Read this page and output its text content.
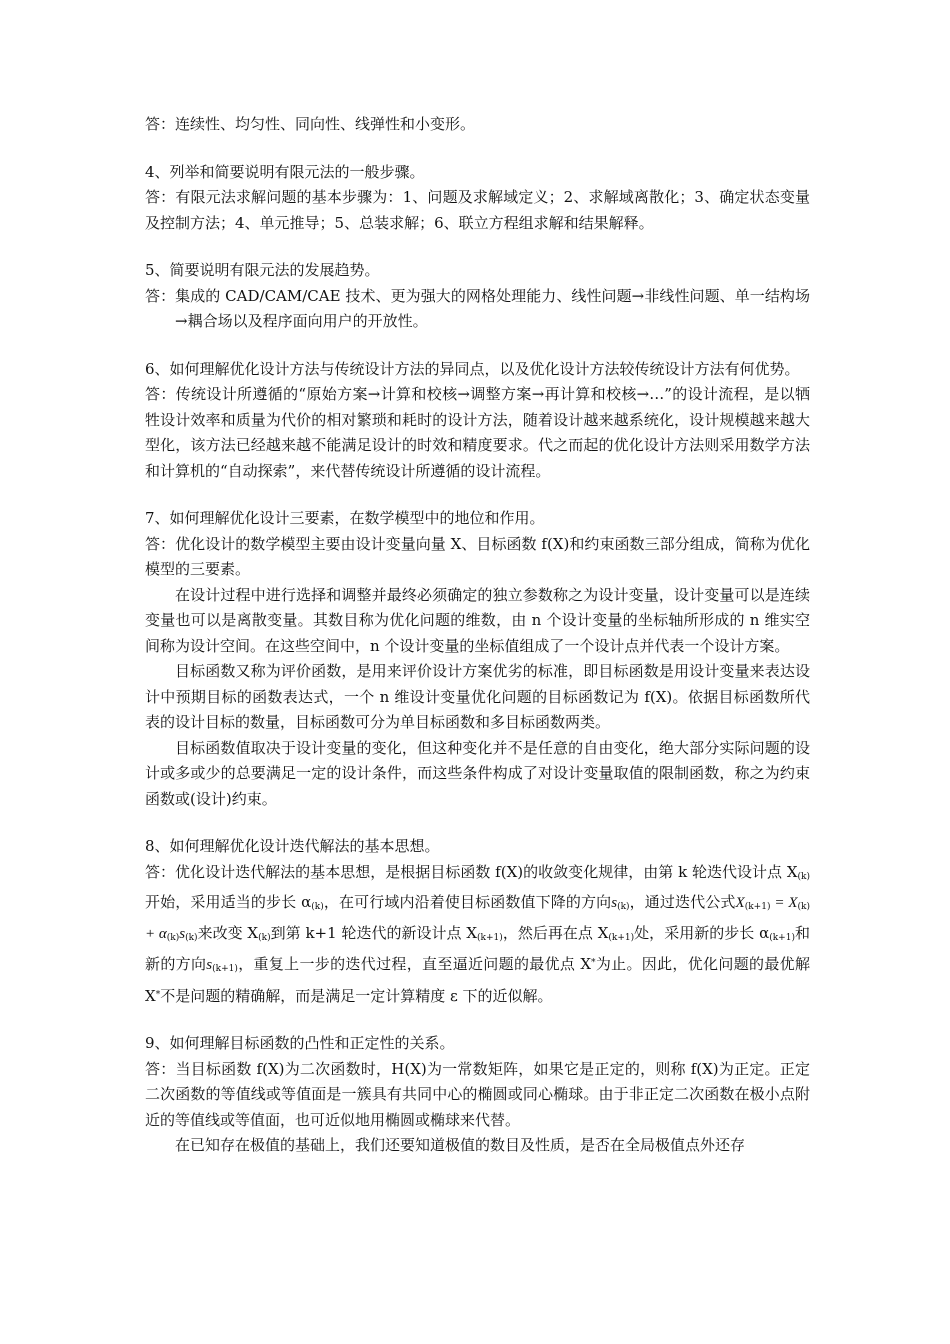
答：连续性、均匀性、同向性、线弹性和小变形。

4、列举和简要说明有限元法的一般步骤。

答：有限元法求解问题的基本步骤为：1、问题及求解域定义；2、求解域离散化；3、确定状态变量及控制方法；4、单元推导；5、总装求解；6、联立方程组求解和结果解释。

5、简要说明有限元法的发展趋势。

答：集成的 CAD/CAM/CAE 技术、更为强大的网格处理能力、线性问题→非线性问题、单一结构场→耦合场以及程序面向用户的开放性。

6、如何理解优化设计方法与传统设计方法的异同点，以及优化设计方法较传统设计方法有何优势。

答：传统设计所遵循的“原始方案→计算和校核→调整方案→再计算和校核→…”的设计流程，是以牺牲设计效率和质量为代价的相对繁琐和耗时的设计方法，随着设计越来越系统化，设计规模越来越大型化，该方法已经越来越不能满足设计的时效和精度要求。代之而起的优化设计方法则采用数学方法和计算机的“自动探索”，来代替传统设计所遵循的设计流程。

7、如何理解优化设计三要素，在数学模型中的地位和作用。

答：优化设计的数学模型主要由设计变量向量 X、目标函数 f(X)和约束函数三部分组成，简称为优化模型的三要素。

在设计过程中进行选择和调整并最终必须确定的独立参数称之为设计变量，设计变量可以是连续变量也可以是离散变量。其数目称为优化问题的维数，由 n 个设计变量的坐标轴所形成的 n 维实空间称为设计空间。在这些空间中，n 个设计变量的坐标值组成了一个设计点并代表一个设计方案。

目标函数又称为评价函数，是用来评价设计方案优劣的标准，即目标函数是用设计变量来表达设计中预期目标的函数表达式，一个 n 维设计变量优化问题的目标函数记为 f(X)。依据目标函数所代表的设计目标的数量，目标函数可分为单目标函数和多目标函数两类。

目标函数值取决于设计变量的变化，但这种变化并不是任意的自由变化，绝大部分实际问题的设计或多或少的总要满足一定的设计条件，而这些条件构成了对设计变量取值的限制函数，称之为约束函数或(设计)约束。

8、如何理解优化设计迭代解法的基本思想。

答：优化设计迭代解法的基本思想，是根据目标函数 f(X)的收敛变化规律，由第 k 轮迭代设计点 $X_{(k)}$开始，采用适当的步长 $\alpha_{(k)}$，在可行域内沿着使目标函数值下降的方向$s_{(k)}$，通过迭代公式$X_{(k+1)} = X_{(k)} + \alpha_{(k)}s_{(k)}$来改变 $X_{(k)}$到第 k+1 轮迭代的新设计点 $X_{(k+1)}$，然后再在点 $X_{(k+1)}$处，采用新的步长 $\alpha_{(k+1)}$和新的方向$s_{(k+1)}$，重复上一步的迭代过程，直至逼近问题的最优点 X*为止。因此，优化问题的最优解 X*不是问题的精确解，而是满足一定计算精度 ε 下的近似解。

9、如何理解目标函数的凸性和正定性的关系。

答：当目标函数 f(X)为二次函数时，H(X)为一常数矩阵，如果它是正定的，则称 f(X)为正定。正定二次函数的等值线或等值面是一簇具有共同中心的椭圆或同心椭球。由于非正定二次函数在极小点附近的等值线或等值面，也可近似地用椭圆或椭球来代替。

在已知存在极值的基础上，我们还要知道极值的数目及性质，是否在全局极值点外还存
